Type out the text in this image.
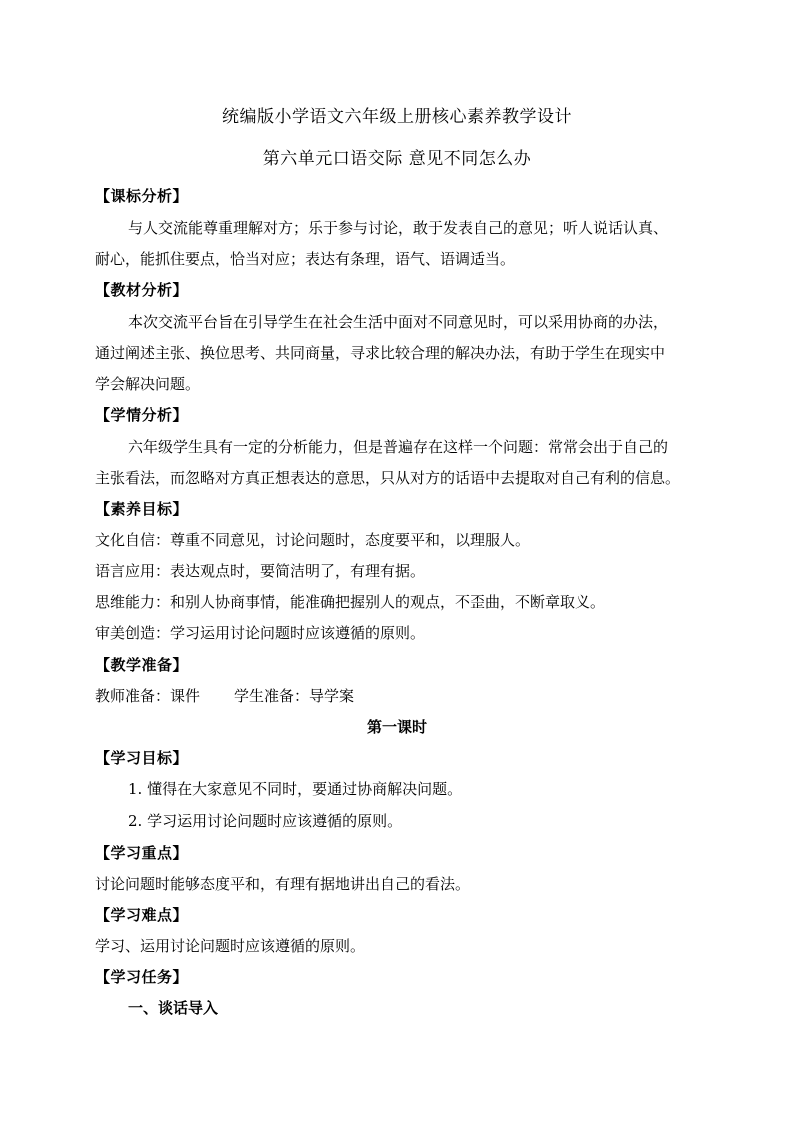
统编版小学语文六年级上册核心素养教学设计
第六单元口语交际 意见不同怎么办
【课标分析】
与人交流能尊重理解对方；乐于参与讨论，敢于发表自己的意见；听人说话认真、
耐心，能抓住要点，恰当对应；表达有条理，语气、语调适当。
【教材分析】
本次交流平台旨在引导学生在社会生活中面对不同意见时，可以采用协商的办法，
通过阐述主张、换位思考、共同商量，寻求比较合理的解决办法，有助于学生在现实中
学会解决问题。
【学情分析】
六年级学生具有一定的分析能力，但是普遍存在这样一个问题：常常会出于自己的
主张看法，而忽略对方真正想表达的意思，只从对方的话语中去提取对自己有利的信息。
【素养目标】
文化自信：尊重不同意见，讨论问题时，态度要平和，以理服人。
语言应用：表达观点时，要简洁明了，有理有据。
思维能力：和别人协商事情，能准确把握别人的观点，不歪曲，不断章取义。
审美创造：学习运用讨论问题时应该遵循的原则。
【教学准备】
教师准备：课件 学生准备：导学案
第一课时
【学习目标】
1. 懂得在大家意见不同时，要通过协商解决问题。
2. 学习运用讨论问题时应该遵循的原则。
【学习重点】
讨论问题时能够态度平和，有理有据地讲出自己的看法。
【学习难点】
学习、运用讨论问题时应该遵循的原则。
【学习任务】
一、谈话导入
